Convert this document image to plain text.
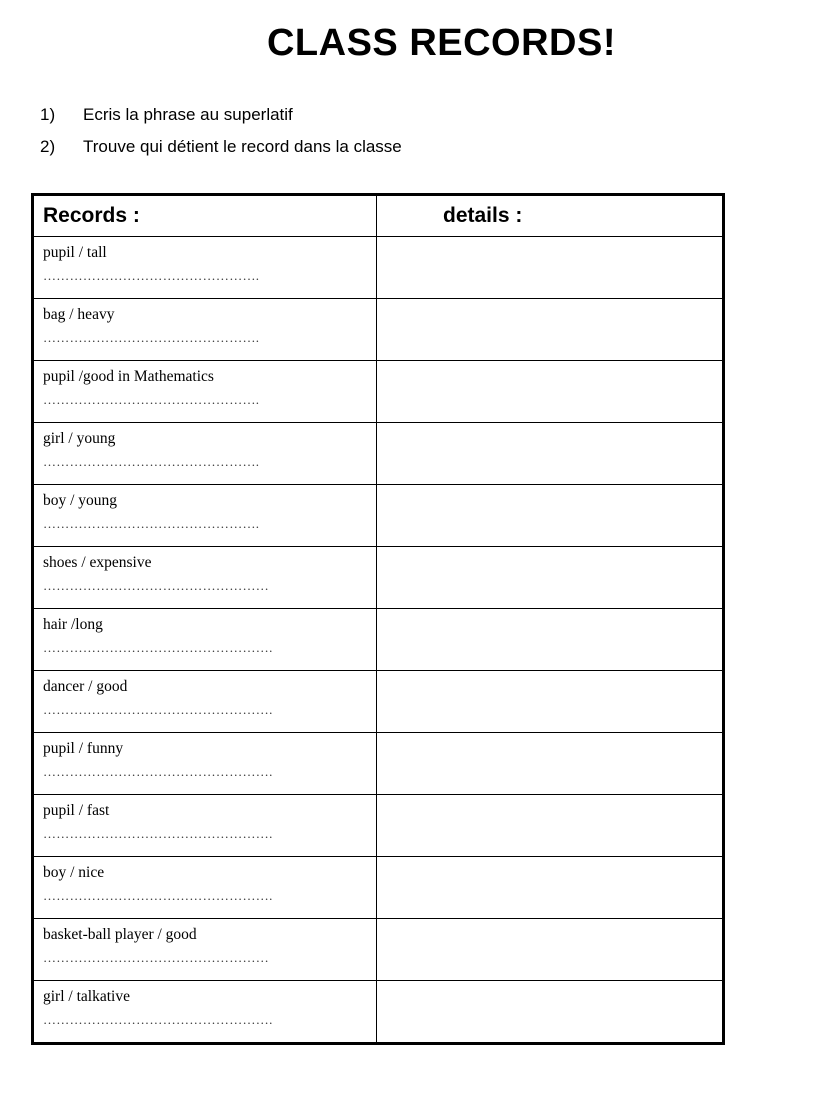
CLASS RECORDS!
1)	Ecris la phrase au superlatif
2)	Trouve qui détient le record dans la classe
Records :	details :
pupil / tall
………………………………………….
bag / heavy
………………………………………….
pupil /good in Mathematics
………………………………………….
girl / young
………………………………………….
boy / young
………………………………………….
shoes / expensive
……………………………………………
hair /long
…………………………………………….
dancer / good
…………………………………………….
pupil / funny
…………………………………………….
pupil / fast
…………………………………………….
boy / nice
…………………………………………….
basket-ball player / good
……………………………………………
girl / talkative
…………………………………………….
